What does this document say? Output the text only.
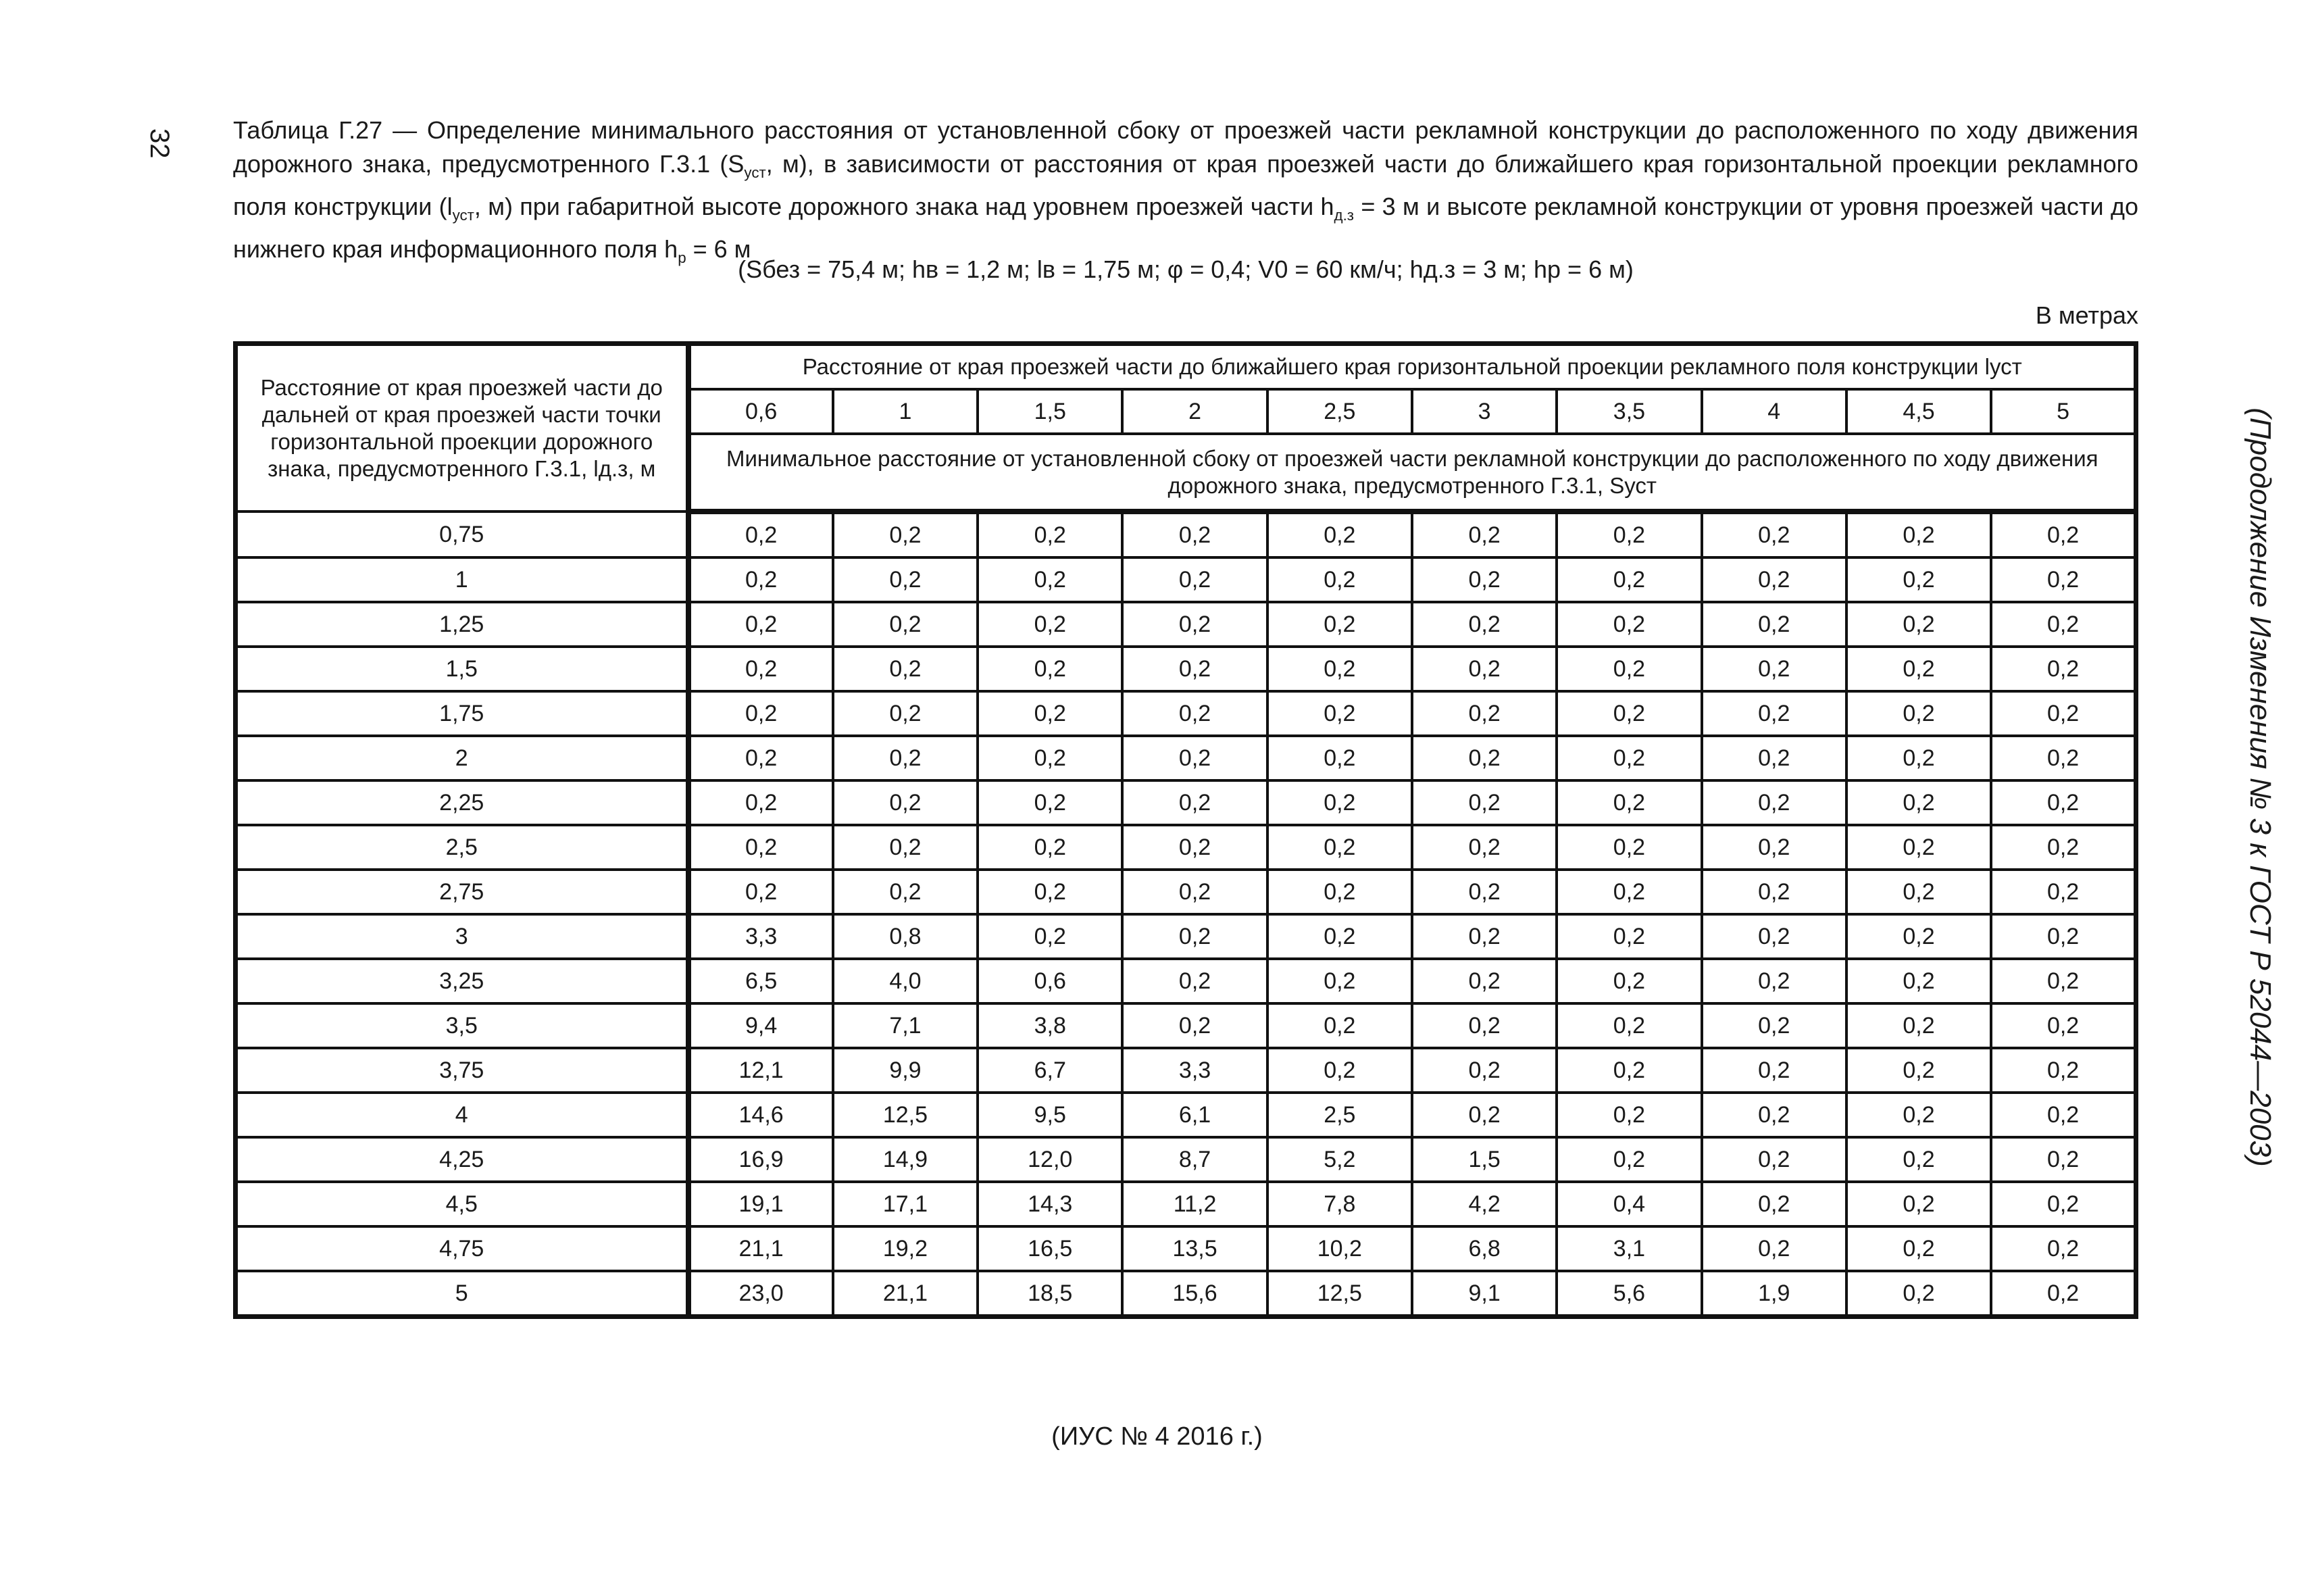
32 Таблица Г.27 — Определение минимального расстояния от установленной сбоку от проезжей части рекламной конструкции до расположенного по ходу движения дорожного знака, предусмотренного Г.3.1 ($S_{уст}$, м), в зависимости от расстояния от края проезжей части до ближайшего края горизонтальной проекции рекламного поля конструкции ($l_{уст}$, м) при габаритной высоте дорожного знака над уровнем проезжей части $h_{д.з} = 3$ м и высоте рекламной конструкции от уровня проезжей части до нижнего края информационного поля $h_р = 6$ м
(Sбез = 75,4 м; hв = 1,2 м; lв = 1,75 м; φ = 0,4; V0 = 60 км/ч; hд.з = 3 м; hр = 6 м)
В метрах
Расстояние от края проезжей части до дальней от края проезжей части точки горизонтальной проекции дорожного знака, предусмотренного Г.3.1, lд.з, м	Расстояние от края проезжей части до ближайшего края горизонтальной проекции рекламного поля конструкции lуст									
	0,6	1	1,5	2	2,5	3	3,5	4	4,5	5
	Минимальное расстояние от установленной сбоку от проезжей части рекламной конструкции до расположенного по ходу движения дорожного знака, предусмотренного Г.3.1, Sуст									
0,75	0,2	0,2	0,2	0,2	0,2	0,2	0,2	0,2	0,2	0,2
1	0,2	0,2	0,2	0,2	0,2	0,2	0,2	0,2	0,2	0,2
1,25	0,2	0,2	0,2	0,2	0,2	0,2	0,2	0,2	0,2	0,2
1,5	0,2	0,2	0,2	0,2	0,2	0,2	0,2	0,2	0,2	0,2
1,75	0,2	0,2	0,2	0,2	0,2	0,2	0,2	0,2	0,2	0,2
2	0,2	0,2	0,2	0,2	0,2	0,2	0,2	0,2	0,2	0,2
2,25	0,2	0,2	0,2	0,2	0,2	0,2	0,2	0,2	0,2	0,2
2,5	0,2	0,2	0,2	0,2	0,2	0,2	0,2	0,2	0,2	0,2
2,75	0,2	0,2	0,2	0,2	0,2	0,2	0,2	0,2	0,2	0,2
3	3,3	0,8	0,2	0,2	0,2	0,2	0,2	0,2	0,2	0,2
3,25	6,5	4,0	0,6	0,2	0,2	0,2	0,2	0,2	0,2	0,2
3,5	9,4	7,1	3,8	0,2	0,2	0,2	0,2	0,2	0,2	0,2
3,75	12,1	9,9	6,7	3,3	0,2	0,2	0,2	0,2	0,2	0,2
4	14,6	12,5	9,5	6,1	2,5	0,2	0,2	0,2	0,2	0,2
4,25	16,9	14,9	12,0	8,7	5,2	1,5	0,2	0,2	0,2	0,2
4,5	19,1	17,1	14,3	11,2	7,8	4,2	0,4	0,2	0,2	0,2
4,75	21,1	19,2	16,5	13,5	10,2	6,8	3,1	0,2	0,2	0,2
5	23,0	21,1	18,5	15,6	12,5	9,1	5,6	1,9	0,2	0,2
(Продолжение Изменения № 3 к ГОСТ Р 52044—2003)
(ИУС № 4 2016 г.)
